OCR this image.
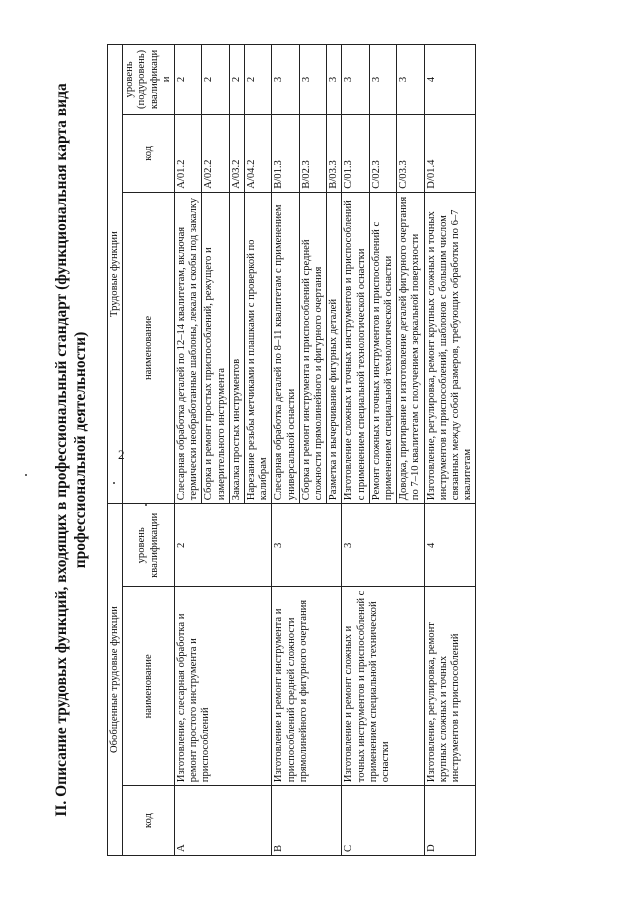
2
II. Описание трудовых функций, входящих в профессиональный стандарт (функциональная карта вида профессиональной деятельности)
Обобщенные трудовые функции			Трудовые функции		
код	наименование	уровень квалификации	наименование	код	уровень (подуровень) квалификации
A	Изготовление, слесарная обработка и ремонт простого инструмента и приспособлений	2	Слесарная обработка деталей по 12–14 квалитетам, включая термически необработанные шаблоны, лекала и скобы под закалку	A/01.2	2
			Сборка и ремонт простых приспособлений, режущего и измерительного инструмента	A/02.2	2
			Закалка простых инструментов	A/03.2	2
			Нарезание резьбы метчиками и плашками с проверкой по калибрам	A/04.2	2
B	Изготовление и ремонт инструмента и приспособлений средней сложности прямолинейного и фигурного очертания	3	Слесарная обработка деталей по 8–11 квалитетам с применением универсальной оснастки	B/01.3	3
			Сборка и ремонт инструмента и приспособлений средней сложности прямолинейного и фигурного очертания	B/02.3	3
			Разметка и вычерчивание фигурных деталей	B/03.3	3
C	Изготовление и ремонт сложных и точных инструментов и приспособлений с применением специальной технической оснастки	3	Изготовление сложных и точных инструментов и приспособлений с применением специальной технологической оснастки	C/01.3	3
			Ремонт сложных и точных инструментов и приспособлений с применением специальной технологической оснастки	C/02.3	3
			Доводка, притирание и изготовление деталей фигурного очертания по 7–10 квалитетам с получением зеркальной поверхности	C/03.3	3
D	Изготовление, регулировка, ремонт крупных сложных и точных инструментов и приспособлений	4	Изготовление, регулировка, ремонт крупных сложных и точных инструментов и приспособлений, шаблонов с большим числом связанных между собой размеров, требующих обработки по 6–7 квалитетам	D/01.4	4
